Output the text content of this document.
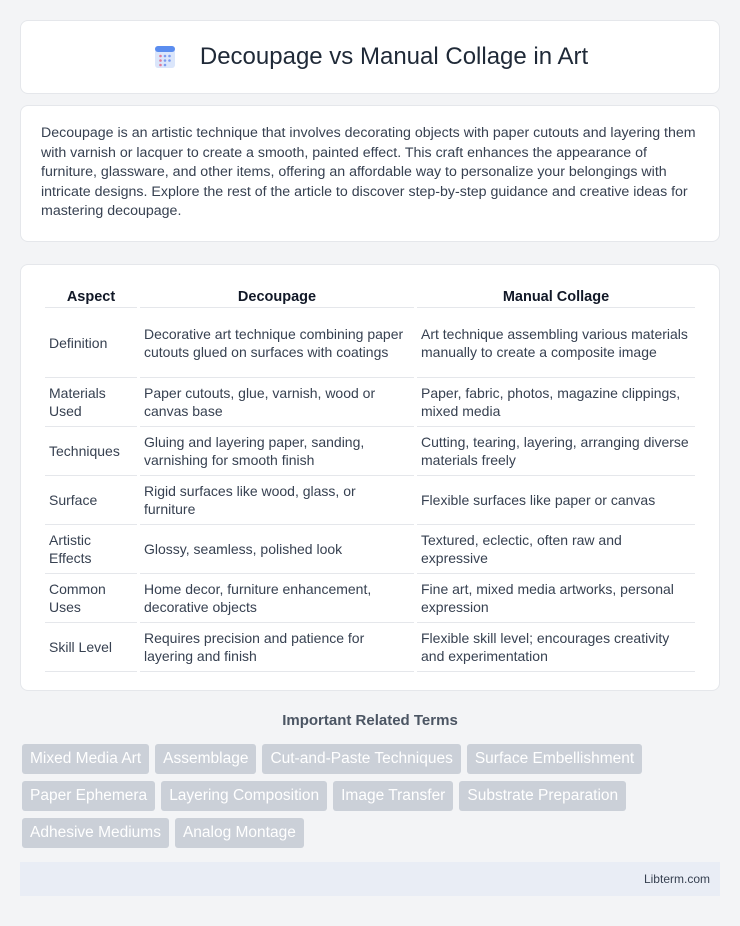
Decoupage vs Manual Collage in Art

Decoupage is an artistic technique that involves decorating objects with paper cutouts and layering them with varnish or lacquer to create a smooth, painted effect. This craft enhances the appearance of furniture, glassware, and other items, offering an affordable way to personalize your belongings with intricate designs. Explore the rest of the article to discover step-by-step guidance and creative ideas for mastering decoupage.

Aspect	Decoupage	Manual Collage
Definition	Decorative art technique combining paper cutouts glued on surfaces with coatings	Art technique assembling various materials manually to create a composite image
Materials Used	Paper cutouts, glue, varnish, wood or canvas base	Paper, fabric, photos, magazine clippings, mixed media
Techniques	Gluing and layering paper, sanding, varnishing for smooth finish	Cutting, tearing, layering, arranging diverse materials freely
Surface	Rigid surfaces like wood, glass, or furniture	Flexible surfaces like paper or canvas
Artistic Effects	Glossy, seamless, polished look	Textured, eclectic, often raw and expressive
Common Uses	Home decor, furniture enhancement, decorative objects	Fine art, mixed media artworks, personal expression
Skill Level	Requires precision and patience for layering and finish	Flexible skill level; encourages creativity and experimentation
Important Related Terms
Mixed Media Art	Assemblage	Cut-and-Paste Techniques	Surface Embellishment
Paper Ephemera	Layering Composition	Image Transfer	Substrate Preparation
Adhesive Mediums	Analog Montage
Libterm.com
